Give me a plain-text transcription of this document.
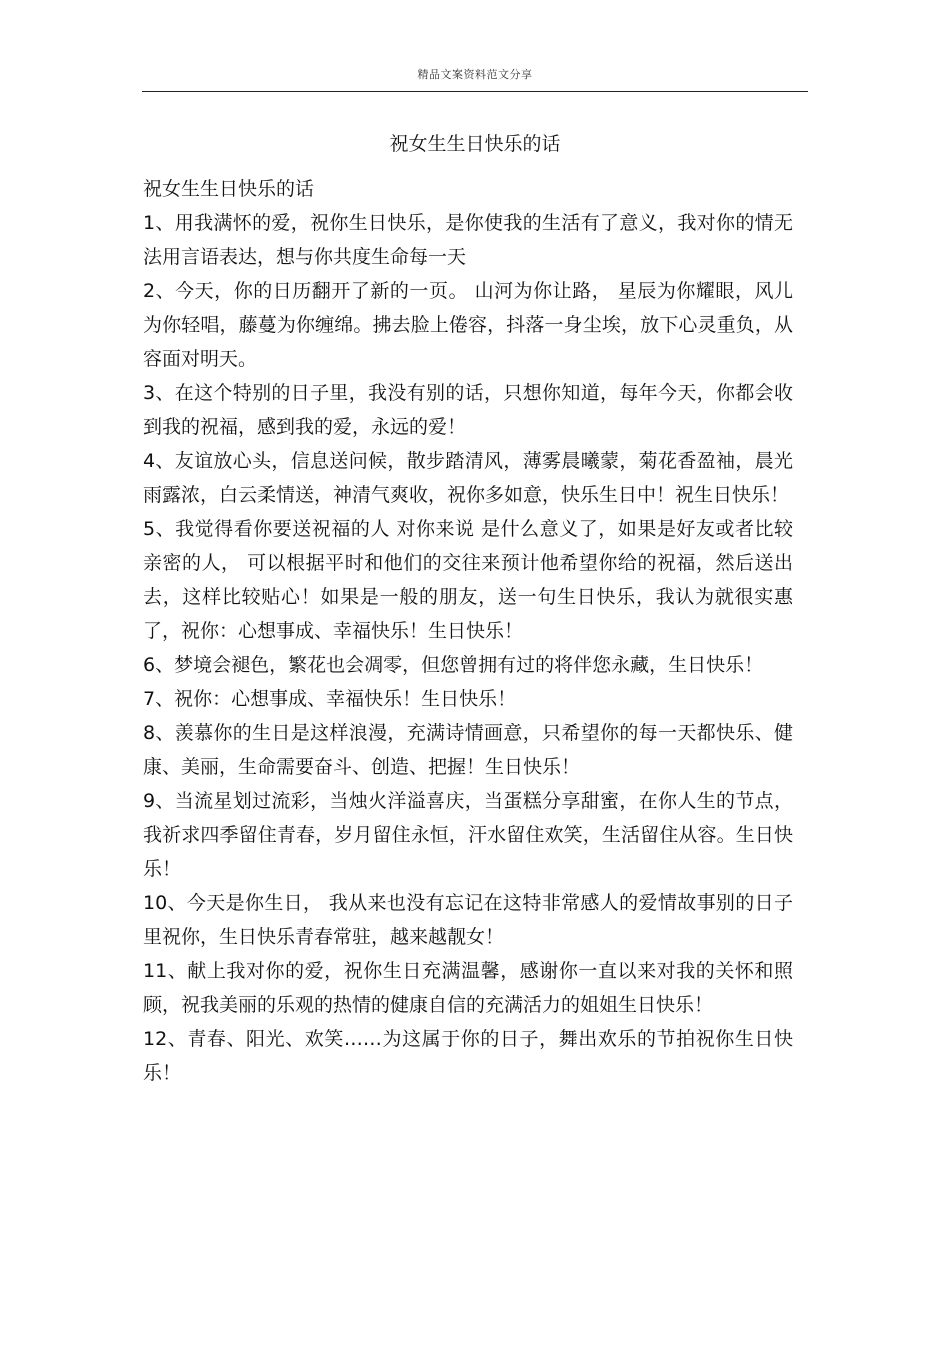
精品文案资料范文分享
祝女生生日快乐的话

祝女生生日快乐的话

1、用我满怀的爱，祝你生日快乐，是你使我的生活有了意义，我对你的情无法用言语表达，想与你共度生命每一天
2、今天，你的日历翻开了新的一页。 山河为你让路， 星辰为你耀眼，风儿为你轻唱，藤蔓为你缠绵。拂去脸上倦容，抖落一身尘埃，放下心灵重负，从容面对明天。
3、在这个特别的日子里，我没有别的话，只想你知道，每年今天，你都会收到我的祝福，感到我的爱，永远的爱！
4、友谊放心头，信息送问候，散步踏清风，薄雾晨曦蒙，菊花香盈袖，晨光雨露浓，白云柔情送，神清气爽收，祝你多如意，快乐生日中！祝生日快乐！
5、我觉得看你要送祝福的人 对你来说 是什么意义了，如果是好友或者比较亲密的人， 可以根据平时和他们的交往来预计他希望你给的祝福，然后送出去，这样比较贴心！如果是一般的朋友，送一句生日快乐，我认为就很实惠了，祝你：心想事成、幸福快乐！生日快乐！
6、梦境会褪色，繁花也会凋零，但您曾拥有过的将伴您永藏，生日快乐！
7、祝你：心想事成、幸福快乐！生日快乐！
8、羡慕你的生日是这样浪漫，充满诗情画意，只希望你的每一天都快乐、健康、美丽，生命需要奋斗、创造、把握！生日快乐！
9、当流星划过流彩，当烛火洋溢喜庆，当蛋糕分享甜蜜，在你人生的节点，我祈求四季留住青春，岁月留住永恒，汗水留住欢笑，生活留住从容。生日快乐！
10、今天是你生日， 我从来也没有忘记在这特非常感人的爱情故事别的日子里祝你，生日快乐青春常驻，越来越靓女！
11、献上我对你的爱，祝你生日充满温馨，感谢你一直以来对我的关怀和照顾，祝我美丽的乐观的热情的健康自信的充满活力的姐姐生日快乐！
12、青春、阳光、欢笑……为这属于你的日子，舞出欢乐的节拍祝你生日快乐！
